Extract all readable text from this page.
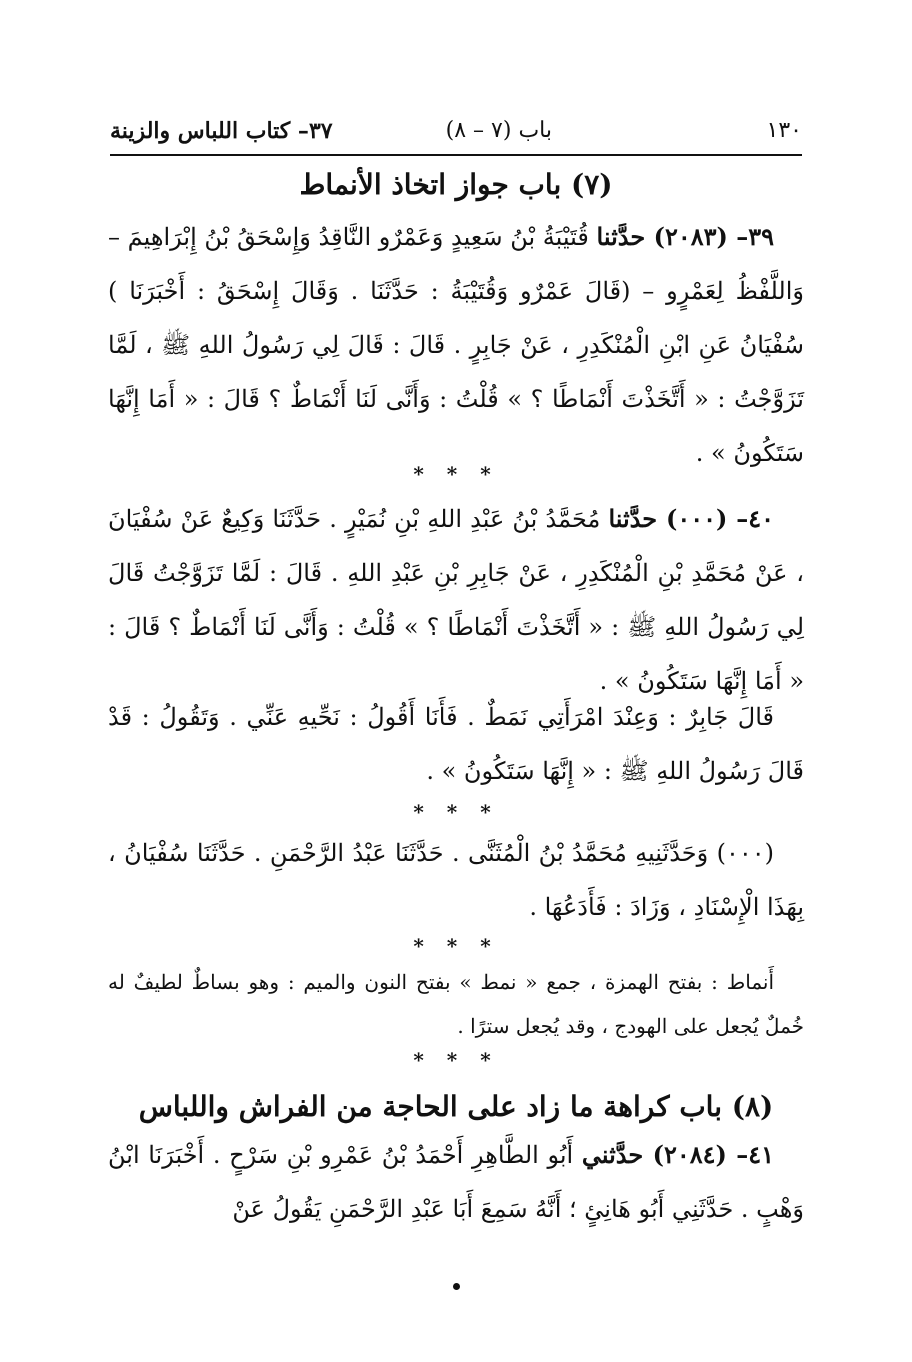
١٣٠
باب (٧ – ٨)
٣٧– كتاب اللباس والزينة
(٧) باب جواز اتخاذ الأنماط

٣٩– (٢٠٨٣) حدَّثنا قُتَيْبَةُ بْنُ سَعِيدٍ وَعَمْرٌو النَّاقِدُ وَإِسْحَقُ بْنُ إِبْرَاهِيمَ – وَاللَّفْظُ لِعَمْرٍو – (قَالَ عَمْرٌو وَقُتَيْبَةُ : حَدَّثَنَا . وَقَالَ إِسْحَقُ : أَخْبَرَنَا ) سُفْيَانُ عَنِ ابْنِ الْمُنْكَدِرِ ، عَنْ جَابِرٍ . قَالَ : قَالَ لِي رَسُولُ اللهِ ﷺ ، لَمَّا تَزَوَّجْتُ : « أَتَّخَذْتَ أَنْمَاطًا ؟ » قُلْتُ : وَأَنَّى لَنَا أَنْمَاطٌ ؟ قَالَ : « أَمَا إِنَّهَا سَتَكُونُ » .

* * *

٤٠– (٠٠٠) حدَّثنا مُحَمَّدُ بْنُ عَبْدِ اللهِ بْنِ نُمَيْرٍ . حَدَّثَنَا وَكِيعٌ عَنْ سُفْيَانَ ، عَنْ مُحَمَّدِ بْنِ الْمُنْكَدِرِ ، عَنْ جَابِرِ بْنِ عَبْدِ اللهِ . قَالَ : لَمَّا تَزَوَّجْتُ قَالَ لِي رَسُولُ اللهِ ﷺ : « أَتَّخَذْتَ أَنْمَاطًا ؟ » قُلْتُ : وَأَنَّى لَنَا أَنْمَاطٌ ؟ قَالَ : « أَمَا إِنَّهَا سَتَكُونُ » .

قَالَ جَابِرٌ : وَعِنْدَ امْرَأَتِي نَمَطٌ . فَأَنَا أَقُولُ : نَحِّيهِ عَنِّي . وَتَقُولُ : قَدْ قَالَ رَسُولُ اللهِ ﷺ : « إِنَّهَا سَتَكُونُ » .

* * *

(٠٠٠) وَحَدَّثَنِيهِ مُحَمَّدُ بْنُ الْمُثَنَّى . حَدَّثَنَا عَبْدُ الرَّحْمَنِ . حَدَّثَنَا سُفْيَانُ ، بِهَذَا الْإِسْنَادِ ، وَزَادَ : فَأَدَعُهَا .

* * *

أَنماط : بفتح الهمزة ، جمع « نمط » بفتح النون والميم : وهو بساطٌ لطيفٌ له خُملٌ يُجعل على الهودج ، وقد يُجعل سترًا .

* * *
(٨) باب كراهة ما زاد على الحاجة من الفراش واللباس

٤١– (٢٠٨٤) حدَّثني أَبُو الطَّاهِرِ أَحْمَدُ بْنُ عَمْرِو بْنِ سَرْحٍ . أَخْبَرَنَا ابْنُ وَهْبٍ . حَدَّثَنِي أَبُو هَانِئٍ ؛ أَنَّهُ سَمِعَ أَبَا عَبْدِ الرَّحْمَنِ يَقُولُ عَنْ
